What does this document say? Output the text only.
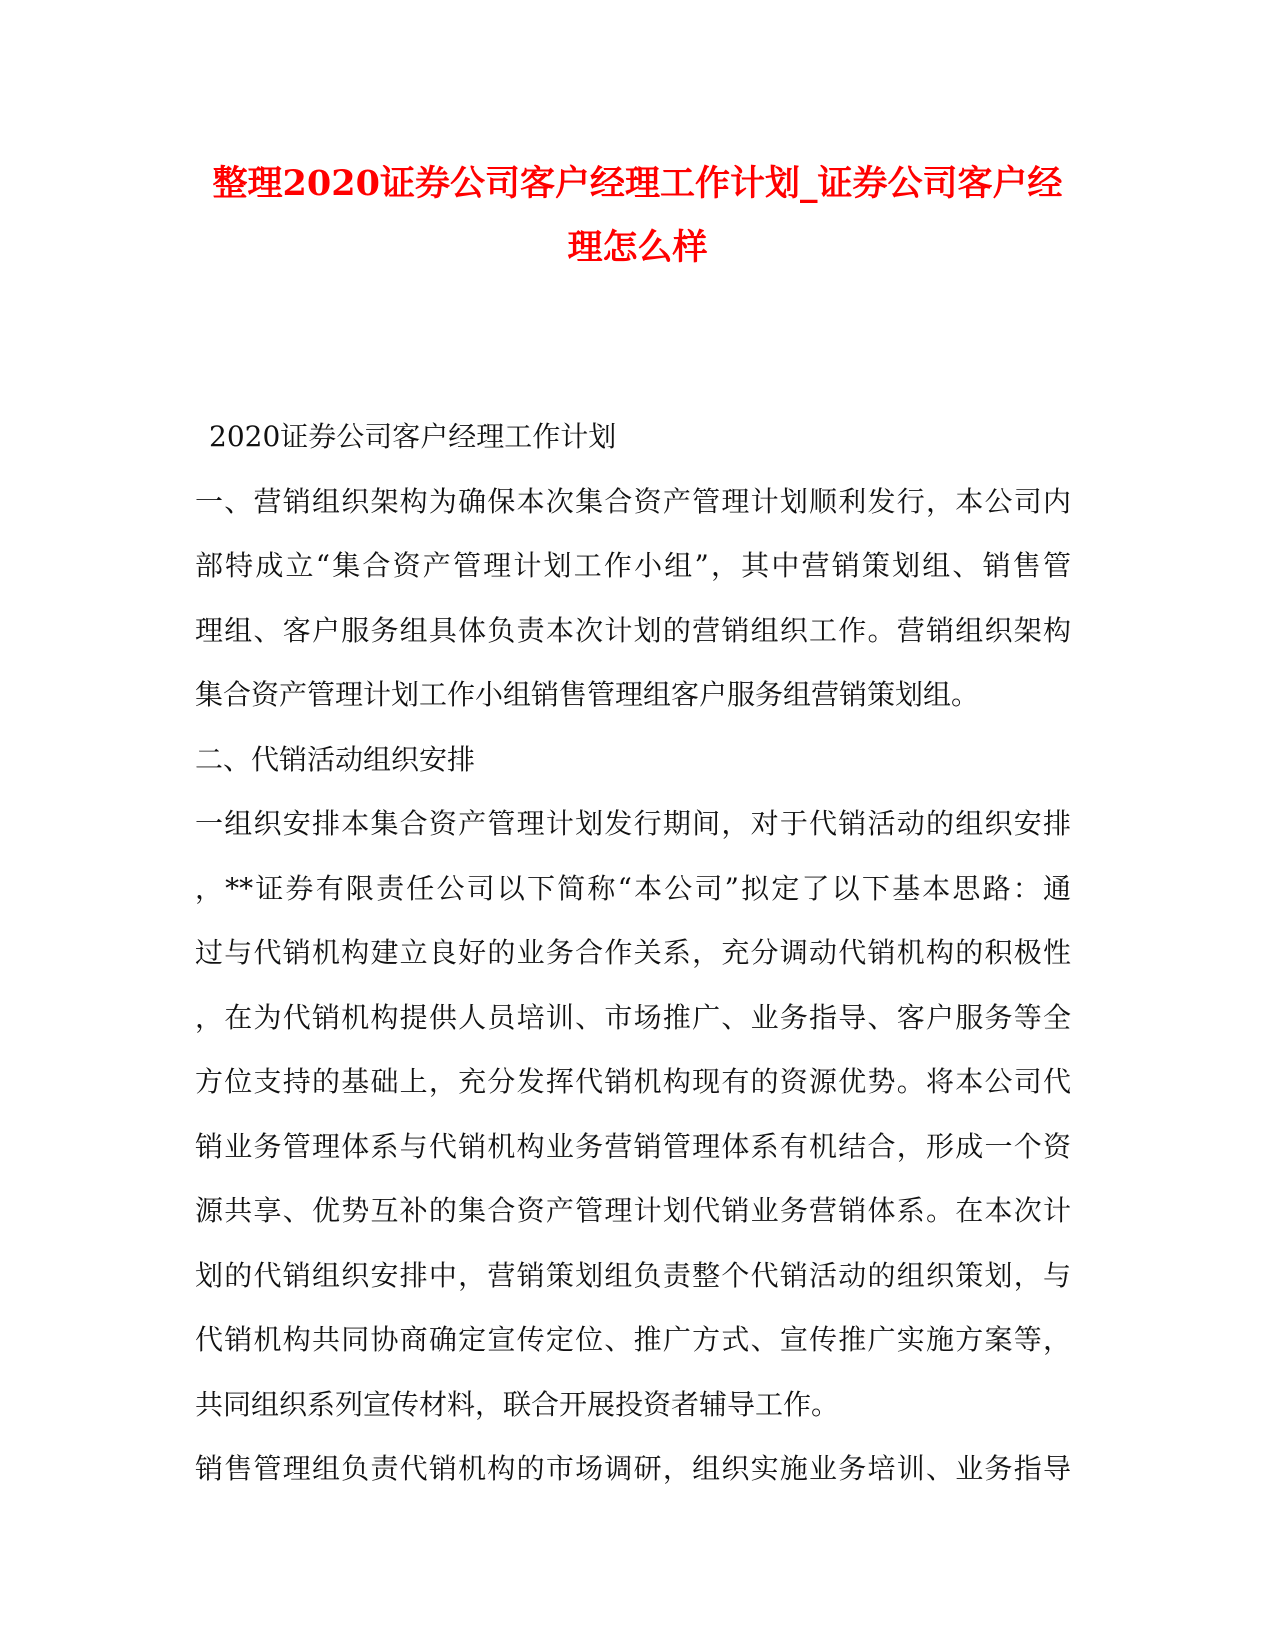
整理2020证券公司客户经理工作计划_证券公司客户经
理怎么样
2020证券公司客户经理工作计划
一、营销组织架构为确保本次集合资产管理计划顺利发行，本公司内
部特成立“集合资产管理计划工作小组”，其中营销策划组、销售管
理组、客户服务组具体负责本次计划的营销组织工作。营销组织架构
集合资产管理计划工作小组销售管理组客户服务组营销策划组。
二、代销活动组织安排
一组织安排本集合资产管理计划发行期间，对于代销活动的组织安排
，**证券有限责任公司以下简称“本公司”拟定了以下基本思路：通
过与代销机构建立良好的业务合作关系，充分调动代销机构的积极性
，在为代销机构提供人员培训、市场推广、业务指导、客户服务等全
方位支持的基础上，充分发挥代销机构现有的资源优势。将本公司代
销业务管理体系与代销机构业务营销管理体系有机结合，形成一个资
源共享、优势互补的集合资产管理计划代销业务营销体系。在本次计
划的代销组织安排中，营销策划组负责整个代销活动的组织策划，与
代销机构共同协商确定宣传定位、推广方式、宣传推广实施方案等，
共同组织系列宣传材料，联合开展投资者辅导工作。
销售管理组负责代销机构的市场调研，组织实施业务培训、业务指导
